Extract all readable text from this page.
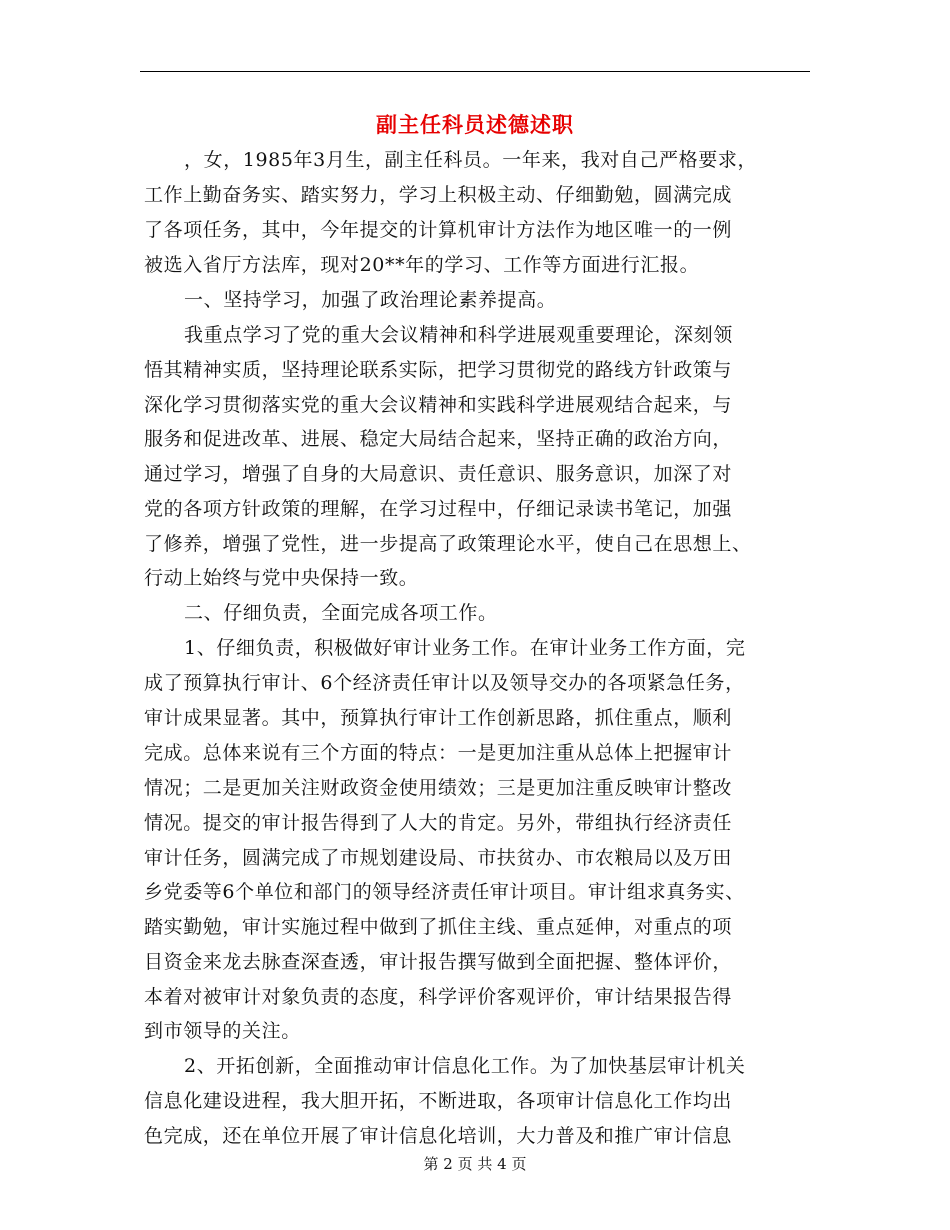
副主任科员述德述职
，女，1985年3月生，副主任科员。一年来，我对自己严格要求，
工作上勤奋务实、踏实努力，学习上积极主动、仔细勤勉，圆满完成
了各项任务，其中，今年提交的计算机审计方法作为地区唯一的一例
被选入省厅方法库，现对20**年的学习、工作等方面进行汇报。
一、坚持学习，加强了政治理论素养提高。
我重点学习了党的重大会议精神和科学进展观重要理论，深刻领
悟其精神实质，坚持理论联系实际，把学习贯彻党的路线方针政策与
深化学习贯彻落实党的重大会议精神和实践科学进展观结合起来，与
服务和促进改革、进展、稳定大局结合起来，坚持正确的政治方向，
通过学习，增强了自身的大局意识、责任意识、服务意识，加深了对
党的各项方针政策的理解，在学习过程中，仔细记录读书笔记，加强
了修养，增强了党性，进一步提高了政策理论水平，使自己在思想上、
行动上始终与党中央保持一致。
二、仔细负责，全面完成各项工作。
1、仔细负责，积极做好审计业务工作。在审计业务工作方面，完
成了预算执行审计、6个经济责任审计以及领导交办的各项紧急任务，
审计成果显著。其中，预算执行审计工作创新思路，抓住重点，顺利
完成。总体来说有三个方面的特点：一是更加注重从总体上把握审计
情况；二是更加关注财政资金使用绩效；三是更加注重反映审计整改
情况。提交的审计报告得到了人大的肯定。另外，带组执行经济责任
审计任务，圆满完成了市规划建设局、市扶贫办、市农粮局以及万田
乡党委等6个单位和部门的领导经济责任审计项目。审计组求真务实、
踏实勤勉，审计实施过程中做到了抓住主线、重点延伸，对重点的项
目资金来龙去脉查深查透，审计报告撰写做到全面把握、整体评价，
本着对被审计对象负责的态度，科学评价客观评价，审计结果报告得
到市领导的关注。
2、开拓创新，全面推动审计信息化工作。为了加快基层审计机关
信息化建设进程，我大胆开拓，不断进取，各项审计信息化工作均出
色完成，还在单位开展了审计信息化培训，大力普及和推广审计信息
第 2 页 共 4 页
